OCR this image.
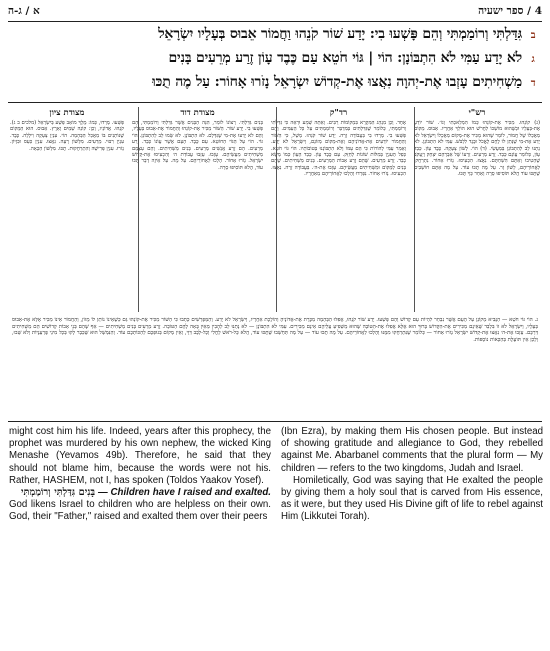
א / ג-ה	4 / ספר ישעיה
ב
גִּדַּלְתִּי וְרוֹמַמְתִּי וְהֵם פָּשְׁעוּ בִי: יָדַע שׁוֹר קֹנֵהוּ וַחֲמוֹר אֵבוּס בְּעָלָיו יִשְׂרָאֵל
ג
לֹא יָדַע עַמִּי לֹא הִתְבּוֹנָן: הוֹי | גּוֹי חֹטֵא עַם כֶּבֶד עָוֹן זֶרַע מְרֵעִים בָּנִים
ד
מַשְׁחִיתִים עָזְבוּ אֶת-יְהוָה נִאֲצוּ אֶת-קְדוֹשׁ יִשְׂרָאֵל נָזֹרוּ אָחוֹר: עַל מֶה תֻכּוּ
רש"י
(ג) קוֹנֵהוּ. מַכִּיר אֶת-קוֹנֵהוּ כְּמוֹ הִמְלַאכְתִּי וְגוֹ׳. שׁוֹר יוֹדֵעַ אֶת-בְּעָלָיו וּכְשֶׁהוּא מוֹשְׁכוֹ לַחֲרֹשׁ הוּא הוֹלֵךְ אַחֲרָיו. אֵבוּס. מְקוֹם מַאֲכָלוֹ שֶׁל חֲמוֹר, לוֹמַר שֶׁהוּא מַכִּיר אֶת-מְקוֹם מַאֲכָלוֹ וְיִשְׂרָאֵל לֹא יָדַע אֶת-מִי שֶׁנָּתַן לוֹ לֶחֶם לֶאֱכֹל וּבֶגֶד לִלְבֹּשׁ. עַמִּי לֹא הִתְבּוֹנָן. לֹא נָתְנוּ לֵב לְהִתְבּוֹנֵן בְּמַעֲשַׂי. (ד) הוֹי. לְשׁוֹן צְעָקָה. כֶּבֶד עָוֹן. כְּבַד עָוֹן, כְּלוֹמַר עֲוֹנָם כָּבֵד. זֶרַע מְרֵעִים. זַרְעוֹ שֶׁל אַבְרָהָם יִצְחָק וְיַעֲקֹב שֶׁהֵטִיבוּ וְאַתֶּם הִשְׁחַתֶּם. נִאֲצוּ. הִכְעִיסוּ. נָזֹרוּ אָחוֹר. נִתְרַחֲקוּ לַאֲחוֹרֵיהֶם, לְשׁוֹן זָר. עַל מֶה תֻכּוּ עוֹד. עַל מָה אַתֶּם חוֹשְׁבִים שֶׁתֻּכּוּ עוֹד הֲלֹא תּוֹסִיפוּ סָרָה וְאַחַר כָּךְ תֻּכּוּ.
רד"ק
אֶחָד. וְכֵן מִנְהַג הַמִּקְרָא בִּמְקוֹמוֹת רַבִּים. וְאַתָּה שְׁמַע וּרְאֵה כִּי גִּדַּלְתִּי וְרוֹמַמְתִּי, כְּלוֹמַר שֶׁגִּדַּלְתִּים בְּמִדְבָּר וְרוֹמַמְתִּים עַל כָּל הָעַמִּים. וְהֵם פָּשְׁעוּ בִי. מָרְדוּ בִי בַּעֲבוֹדָה זָרָה. יָדַע שׁוֹר קֹנֵהוּ. מָשָׁל, כִּי הַשּׁוֹר וְהַחֲמוֹר יוֹדְעִים אֶת-אֲדוֹנֵיהֶם וְאֶת-מְקוֹם מְזוֹנָם, וְיִשְׂרָאֵל לֹא יָדַע. וְאָמַר עַמִּי לְהוֹרוֹת כִּי הֵם עַמּוֹ וְלֹא הִתְבּוֹנְנוּ בְּטוֹבוֹתָיו. הוֹי גּוֹי חֹטֵא. כְּפַל הָעִנְיָן בְּמִלּוֹת שׁוֹנוֹת לְחַזֵּק. עַם כֶּבֶד עָוֹן. כְּבַד הָעָוֹן כְּמוֹ מַשָּׂא כָבֵד. זֶרַע מְרֵעִים. שֶׁהֵם זֶרַע אָבוֹת הַמְרֵעִים. בָּנִים מַשְׁחִיתִים. שֶׁהֵם בָּנִים לַמָּקוֹם וּמַשְׁחִיתִים מַעֲשֵׂיהֶם. עָזְבוּ אֶת-ה׳. בַּעֲבוֹדָה זָרָה. נִאֲצוּ. הִכְעִיסוּ. נָזֹרוּ אָחוֹר. נִפְרְדוּ וְהָלְכוּ לַאֲחוֹרֵיהֶם מֵאַחֲרָיו.
מצודת דוד
בָּנִים גִּדַּלְתִּי. רְצוֹנוֹ לוֹמַר, הִנֵּה הַבָּנִים אֲשֶׁר גִּדַּלְתִּי וְרוֹמַמְתִּי, הֵם פָּשְׁעוּ בִי. יָדַע שׁוֹר. הַשּׁוֹר מַכִּיר אֶת-קוֹנֵהוּ וְהַחֲמוֹר אֶת-אֵבוּס בְּעָלָיו, וְהֵם לֹא יָדְעוּ אֶת-מִי שֶׁגִּדְּלָם. לֹא הִתְבּוֹנָן. לֹא שָׂמוּ לֵב לְהִתְבּוֹנֵן. הוֹי גּוֹי. הוֹי עַל הַגּוֹי הַחוֹטֵא. עַם כֶּבֶד. הָעָם אֲשֶׁר עֲוֹנוֹ כָּבֵד. זֶרַע מְרֵעִים. הֵם זֶרַע אֲנָשִׁים מְרֵעִים. בָּנִים מַשְׁחִיתִים. וְהֵם עַצְמָם מַשְׁחִיתִים מַעֲשֵׂיהֶם. עָזְבוּ. עָזְבוּ עֲבוֹדַת ה׳ וְהִכְעִיסוּ אֶת-קְדוֹשׁ יִשְׂרָאֵל. נָזֹרוּ אָחוֹר. הָלְכוּ לַאֲחוֹרֵיהֶם. עַל מֶה. עַל אֵיזֶה דָבָר תֻּכּוּ עוֹד, הֲלֹא תּוֹסִיפוּ סָרָה.
מצודת ציון
פָּשְׁעוּ. מָרְדוּ, כְּמוֹ: מֶלֶךְ מוֹאָב פָּשַׁע בְּיִשְׂרָאֵל (מלכים ב ג). קֹנֵהוּ. אֲדוֹנָיו, וְכֵן: קוֹנֵה שָׁמַיִם וָאָרֶץ. אֵבוּס. הוּא הַמָּקוֹם שֶׁנּוֹתְנִים בּוֹ מַאֲכַל הַבְּהֵמָה. הוֹי. עִנְיַן צְעָקָה וִילָלָה. כֶּבֶד. עִנְיַן רִבּוּי. מְרֵעִים. מִלְּשׁוֹן רָעָה. נִאֲצוּ. עִנְיַן כַּעַס וּבִזָּיוֹן. נָזֹרוּ. עִנְיַן פְּרִישָׁה וְהִתְרַחֲקוּת. תֻכּוּ. מִלְּשׁוֹן הַכָּאָה.
ג. הוֹי גּוֹי חֹטֵא — הַנָּבִיא מְקוֹנֵן עַל הָעָם אֲשֶׁר נִבְחַר לִהְיוֹת עַם קָדוֹשׁ וְהֵם פָּשְׁעוּ. יָדַע שׁוֹר קֹנֵהוּ, אֲפִלּוּ הַבְּהֵמָה מַכֶּרֶת אֶת-אֲדוֹנֶיהָ וְהוֹלֶכֶת אַחֲרָיו, וְיִשְׂרָאֵל לֹא יָדַע. וְהַמְּפָרְשִׁים כָּתְבוּ כִּי הַשּׁוֹר מַכִּיר אֶת-קוֹנֵהוּ גַּם כְּשֶׁאֵינוֹ נוֹתֵן לוֹ מָזוֹן, וְהַחֲמוֹר אֵינוֹ מַכִּיר אֶלָּא אֶת-אֵבוּס בְּעָלָיו, וְיִשְׂרָאֵל לֹא זוֹ בִּלְבַד שֶׁאֵינָם מַכִּירִים אֶת-הַקָּדוֹשׁ בָּרוּךְ הוּא אֶלָּא אֲפִלּוּ אֶת-הַטּוֹבָה שֶׁהוּא מֵשְׁפִּיעַ עֲלֵיהֶם אֵינָם מַכִּירִים. עַמִּי לֹא הִתְבּוֹנָן — לֹא נָתְנוּ לֵב לְהָבִין מֵאַיִן בָּאָה לָהֶם הַטּוֹבָה. זֶרַע מְרֵעִים בָּנִים מַשְׁחִיתִים — אַף שֶׁהֵם בְּנֵי אָבוֹת קְדוֹשִׁים הֵם מַשְׁחִיתִים דַּרְכָּם. עָזְבוּ אֶת-ה׳ נִאֲצוּ אֶת-קְדוֹשׁ יִשְׂרָאֵל נָזֹרוּ אָחוֹר — כְּלוֹמַר שֶׁנִּתְרַחֲקוּ מִמֶּנּוּ וְהָלְכוּ לַאֲחוֹרֵיהֶם. עַל מֶה תֻכּוּ עוֹד — עַל מָה תַּחְשְׁבוּ שֶׁתֻּכּוּ עוֹד, הֲלֹא כָּל-רֹאשׁ לָחֳלִי וְכָל-לֵבָב דַּוָּי, וְאֵין מָקוֹם בְּגוּפְכֶם לְהַכּוֹתְכֶם עוֹד. וְהַנִּמְשָׁל הוּא שֶׁכְּבָר לָקוּ בְּכָל מִינֵי פֻּרְעָנֻיּוֹת וְלֹא שָׁבוּ, וְלָכֵן אֵין תּוֹעֶלֶת בְּהַכָּאוֹת נוֹסָפוֹת.

might cost him his life. Indeed, years after this prophecy, the prophet was murdered by his own nephew, the wicked King Menashe (Yevamos 49b). Therefore, he said that they should not blame him, because the words were not his. Rather, HASHEM, not I, has spoken (Toldos Yaakov Yosef).

בָּנִים גִּדַּלְתִּי וְרוֹמַמְתִּי — Children have I raised and exalted. God likens Israel to children who are helpless on their own. God, their "Father," raised and exalted them over their peers

(Ibn Ezra), by making them His chosen people. But instead of showing gratitude and allegiance to God, they rebelled against Me. Abarbanel comments that the plural form — My children — refers to the two kingdoms, Judah and Israel.

Homiletically, God was saying that He exalted the people by giving them a holy soul that is carved from His essence, as it were, but they used His Divine gift of life to rebel against Him (Likkutei Torah).
